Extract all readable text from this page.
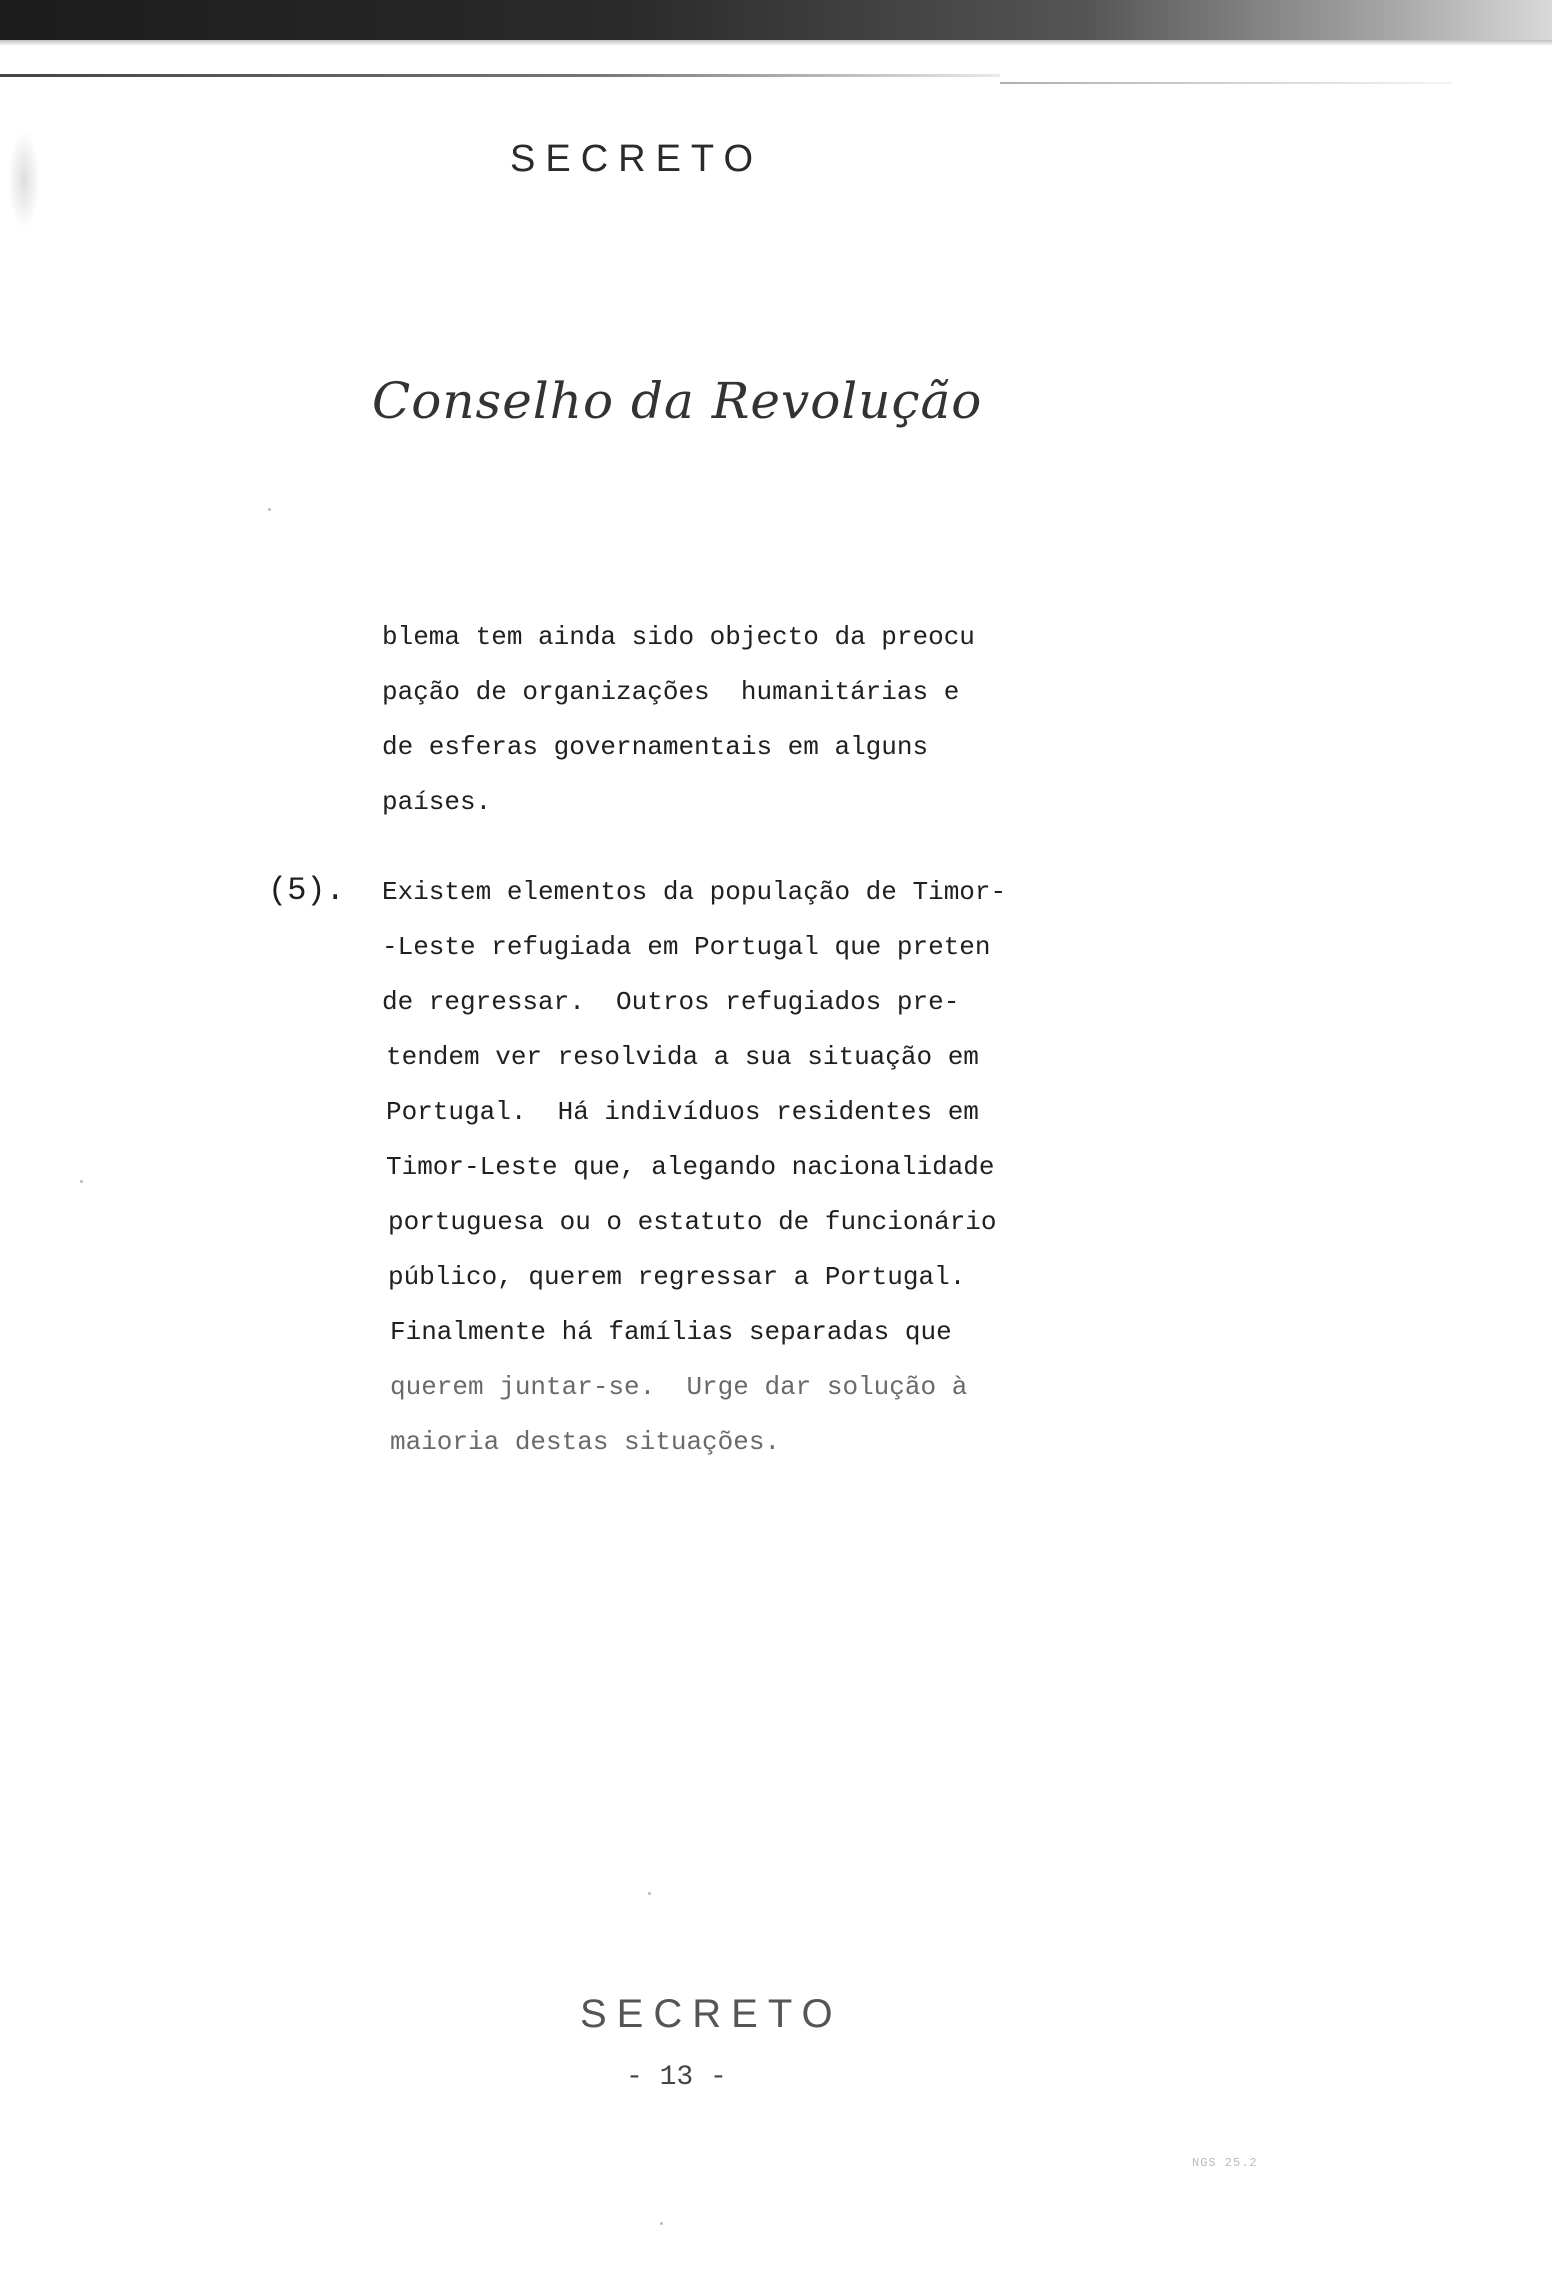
SECRETO
Conselho da Revolução
blema tem ainda sido objecto da preocu
pação de organizações  humanitárias e
de esferas governamentais em alguns
países.
(5). Existem elementos da população de Timor-
-Leste refugiada em Portugal que preten
de regressar.  Outros refugiados pre-
tendem ver resolvida a sua situação em
Portugal.  Há indivíduos residentes em
Timor-Leste que, alegando nacionalidade
portuguesa ou o estatuto de funcionário
público, querem regressar a Portugal.
Finalmente há famílias separadas que
querem juntar-se.  Urge dar solução à
maioria destas situações.
SECRETO
- 13 -
NGS 25.2
